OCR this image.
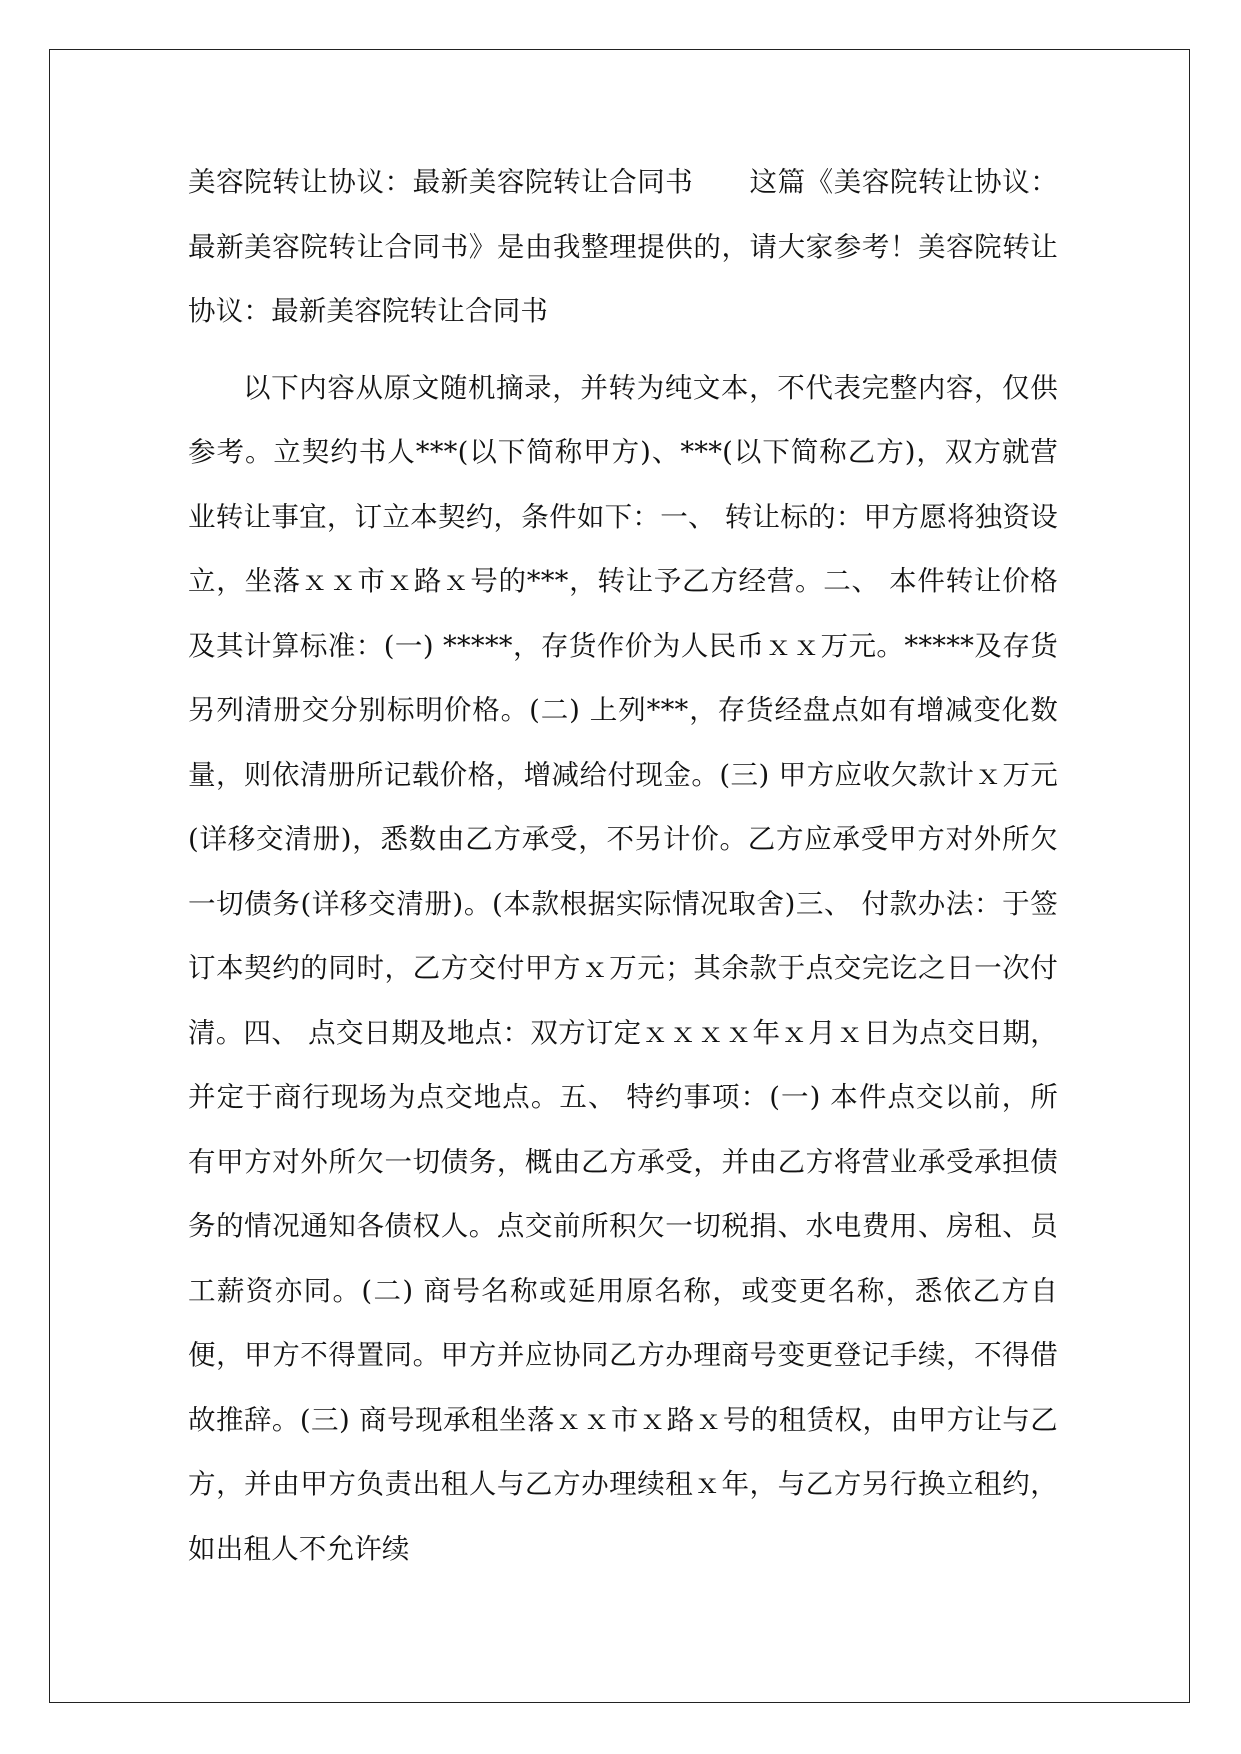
美容院转让协议：最新美容院转让合同书　　这篇《美容院转让协议：最新美容院转让合同书》是由我整理提供的，请大家参考！美容院转让协议：最新美容院转让合同书

以下内容从原文随机摘录，并转为纯文本，不代表完整内容，仅供参考。立契约书人***(以下简称甲方)、***(以下简称乙方)，双方就营业转让事宜，订立本契约，条件如下：一、 转让标的：甲方愿将独资设立，坐落ｘｘ市ｘ路ｘ号的***，转让予乙方经营。二、 本件转让价格及其计算标准：(一) *****，存货作价为人民币ｘｘ万元。*****及存货另列清册交分别标明价格。(二) 上列***，存货经盘点如有增减变化数量，则依清册所记载价格，增减给付现金。(三) 甲方应收欠款计ｘ万元(详移交清册)，悉数由乙方承受，不另计价。乙方应承受甲方对外所欠一切债务(详移交清册)。(本款根据实际情况取舍)三、 付款办法：于签订本契约的同时，乙方交付甲方ｘ万元；其余款于点交完讫之日一次付清。四、 点交日期及地点：双方订定ｘｘｘｘ年ｘ月ｘ日为点交日期，并定于商行现场为点交地点。五、 特约事项：(一) 本件点交以前，所有甲方对外所欠一切债务，概由乙方承受，并由乙方将营业承受承担债务的情况通知各债权人。点交前所积欠一切税捐、水电费用、房租、员工薪资亦同。(二) 商号名称或延用原名称，或变更名称，悉依乙方自便，甲方不得置同。甲方并应协同乙方办理商号变更登记手续，不得借故推辞。(三) 商号现承租坐落ｘｘ市ｘ路ｘ号的租赁权，由甲方让与乙方，并由甲方负责出租人与乙方办理续租ｘ年，与乙方另行换立租约，如出租人不允许续
